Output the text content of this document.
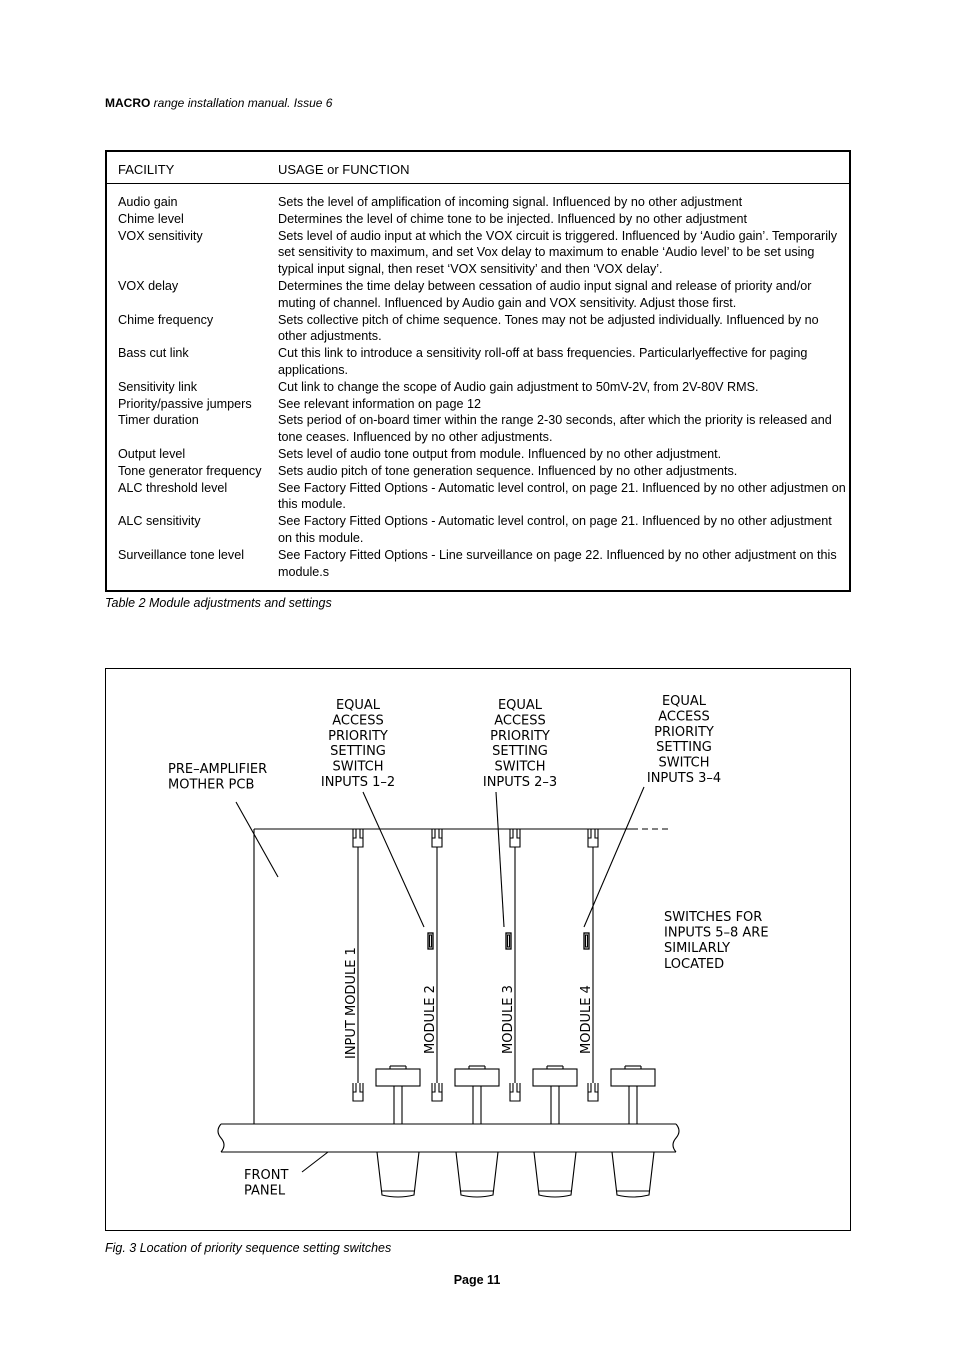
MACRO range installation manual. Issue 6
FACILITY	USAGE or FUNCTION
Audio gain	Sets the level of amplification of incoming signal. Influenced by no other adjustment
Chime level	Determines the level of chime tone to be injected. Influenced by no other adjustment
VOX sensitivity	Sets level of audio input at which the VOX circuit is triggered. Influenced by ‘Audio gain’. Temporarily set sensitivity to maximum, and set Vox delay to maximum to enable ‘Audio level’ to be set using typical input signal, then reset ‘VOX sensitivity’ and then ‘VOX delay’.
VOX delay	Determines the time delay between cessation of audio input signal and release of priority and/or muting of channel. Influenced by Audio gain and VOX sensitivity. Adjust those first.
Chime frequency	Sets collective pitch of chime sequence. Tones may not be adjusted individually. Influenced by no other adjustments.
Bass cut link	Cut this link to introduce a sensitivity roll-off at bass frequencies. Particularlyeffective for paging applications.
Sensitivity link	Cut link to change the scope of Audio gain adjustment to 50mV-2V, from 2V-80V RMS.
Priority/passive jumpers	See relevant information on page 12
Timer duration	Sets period of on-board timer within the range 2-30 seconds, after which the priority is released and tone ceases. Influenced by no other adjustments.
Output level	Sets level of audio tone output from module. Influenced by no other adjustment.
Tone generator frequency	Sets audio pitch of tone generation sequence. Influenced by no other adjustments.
ALC threshold level	See Factory Fitted Options - Automatic level control, on page 21. Influenced by no other adjustmen on this module.
ALC sensitivity	See Factory Fitted Options - Automatic level control, on page 21. Influenced by no other adjustment on this module.
Surveillance tone level	See Factory Fitted Options - Line surveillance on page 22. Influenced by no other adjustment on this module.s
Table 2 Module adjustments and settings
INPUT MODULE 1	MODULE 2	MODULE 3	MODULE 4
EQUAL ACCESS PRIORITY SETTING SWITCH INPUTS 1–2
EQUAL ACCESS PRIORITY SETTING SWITCH INPUTS 2–3
EQUAL ACCESS PRIORITY SETTING SWITCH INPUTS 3–4
PRE–AMPLIFIER MOTHER PCB
SWITCHES FOR INPUTS 5–8 ARE SIMILARLY LOCATED
FRONT PANEL
Fig. 3 Location of priority sequence setting switches
Page 11
